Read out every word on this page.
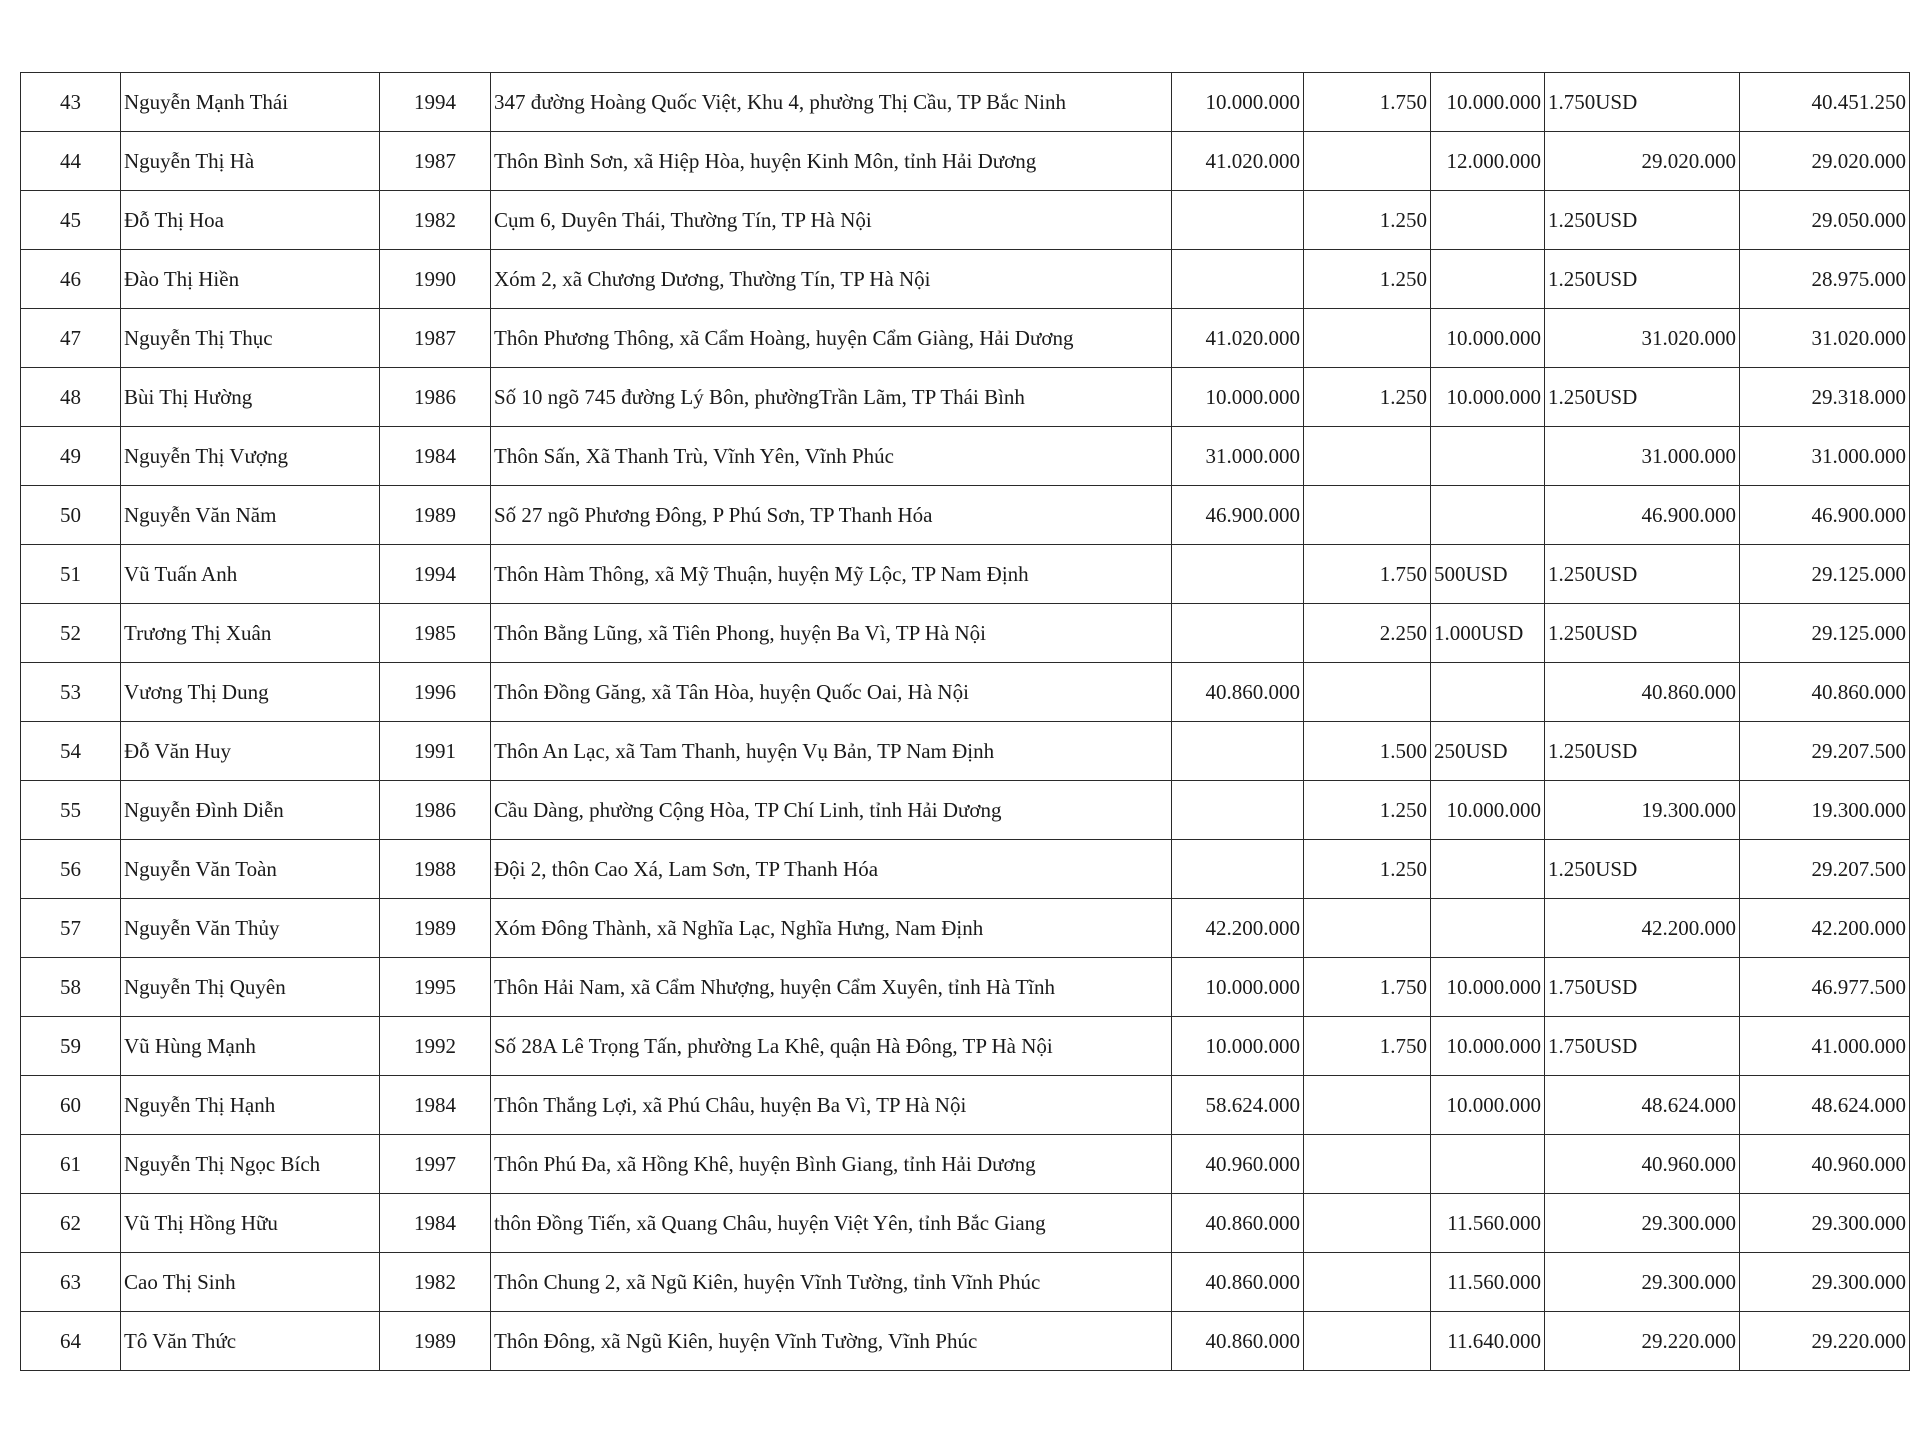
43	Nguyễn Mạnh Thái	1994	347 đường Hoàng Quốc Việt, Khu 4, phường Thị Cầu, TP Bắc Ninh	10.000.000	1.750	10.000.000	1.750USD	40.451.250
44	Nguyễn Thị Hà	1987	Thôn Bình Sơn, xã Hiệp Hòa, huyện Kinh Môn, tỉnh Hải Dương	41.020.000		12.000.000	29.020.000	29.020.000
45	Đỗ Thị Hoa	1982	Cụm 6, Duyên Thái, Thường Tín, TP Hà Nội		1.250		1.250USD	29.050.000
46	Đào Thị Hiền	1990	Xóm 2, xã Chương Dương, Thường Tín, TP Hà Nội		1.250		1.250USD	28.975.000
47	Nguyễn Thị Thục	1987	Thôn Phương Thông, xã Cẩm Hoàng, huyện Cẩm Giàng, Hải Dương	41.020.000		10.000.000	31.020.000	31.020.000
48	Bùi Thị Hường	1986	Số 10 ngõ 745 đường Lý Bôn, phườngTrần Lãm, TP Thái Bình	10.000.000	1.250	10.000.000	1.250USD	29.318.000
49	Nguyễn Thị Vượng	1984	Thôn Sấn, Xã Thanh Trù, Vĩnh Yên, Vĩnh Phúc	31.000.000			31.000.000	31.000.000
50	Nguyễn Văn Năm	1989	Số 27 ngõ Phương Đông, P Phú Sơn, TP Thanh Hóa	46.900.000			46.900.000	46.900.000
51	Vũ Tuấn Anh	1994	Thôn Hàm Thông, xã Mỹ Thuận, huyện Mỹ Lộc, TP Nam Định		1.750	500USD	1.250USD	29.125.000
52	Trương Thị Xuân	1985	Thôn Bằng Lũng, xã Tiên Phong, huyện Ba Vì, TP Hà Nội		2.250	1.000USD	1.250USD	29.125.000
53	Vương Thị Dung	1996	Thôn Đồng Găng, xã Tân Hòa, huyện Quốc Oai, Hà Nội	40.860.000			40.860.000	40.860.000
54	Đỗ Văn Huy	1991	Thôn An Lạc, xã Tam Thanh, huyện Vụ Bản, TP Nam Định		1.500	250USD	1.250USD	29.207.500
55	Nguyễn Đình Diễn	1986	Cầu Dàng, phường Cộng Hòa, TP Chí Linh, tỉnh Hải Dương		1.250	10.000.000	19.300.000	19.300.000
56	Nguyễn Văn Toàn	1988	Đội 2, thôn Cao Xá, Lam Sơn, TP Thanh Hóa		1.250		1.250USD	29.207.500
57	Nguyễn Văn Thủy	1989	Xóm Đông Thành, xã Nghĩa Lạc, Nghĩa Hưng, Nam Định	42.200.000			42.200.000	42.200.000
58	Nguyễn Thị Quyên	1995	Thôn Hải Nam, xã Cẩm Nhượng, huyện Cẩm Xuyên, tỉnh Hà Tĩnh	10.000.000	1.750	10.000.000	1.750USD	46.977.500
59	Vũ Hùng Mạnh	1992	Số 28A Lê Trọng Tấn, phường La Khê, quận Hà Đông, TP Hà Nội	10.000.000	1.750	10.000.000	1.750USD	41.000.000
60	Nguyễn Thị Hạnh	1984	Thôn Thắng Lợi, xã Phú Châu, huyện Ba Vì, TP Hà Nội	58.624.000		10.000.000	48.624.000	48.624.000
61	Nguyễn Thị Ngọc Bích	1997	Thôn Phú Đa, xã Hồng Khê, huyện Bình Giang, tỉnh Hải Dương	40.960.000			40.960.000	40.960.000
62	Vũ Thị Hồng Hữu	1984	thôn Đồng Tiến, xã Quang Châu, huyện Việt Yên, tỉnh Bắc Giang	40.860.000		11.560.000	29.300.000	29.300.000
63	Cao Thị Sinh	1982	Thôn Chung 2, xã Ngũ Kiên, huyện Vĩnh Tường, tỉnh Vĩnh Phúc	40.860.000		11.560.000	29.300.000	29.300.000
64	Tô Văn Thức	1989	Thôn Đông, xã Ngũ Kiên, huyện Vĩnh Tường, Vĩnh Phúc	40.860.000		11.640.000	29.220.000	29.220.000
